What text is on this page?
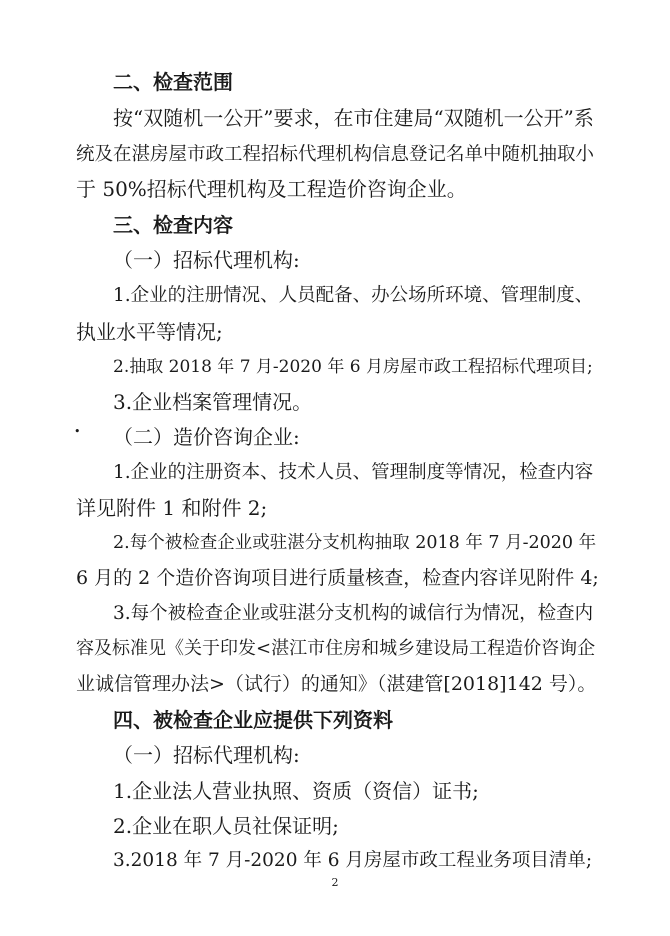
二、检查范围
按“双随机一公开”要求，在市住建局“双随机一公开”系
统及在湛房屋市政工程招标代理机构信息登记名单中随机抽取小
于 50%招标代理机构及工程造价咨询企业。
三、检查内容
（一）招标代理机构:
1.企业的注册情况、人员配备、办公场所环境、管理制度、
执业水平等情况;
2.抽取 2018 年 7 月-2020 年 6 月房屋市政工程招标代理项目;
3.企业档案管理情况。
• （二）造价咨询企业:
1.企业的注册资本、技术人员、管理制度等情况，检查内容
详见附件 1 和附件 2;
2.每个被检查企业或驻湛分支机构抽取 2018 年 7 月-2020 年
6 月的 2 个造价咨询项目进行质量核查，检查内容详见附件 4;
3.每个被检查企业或驻湛分支机构的诚信行为情况，检查内
容及标准见《关于印发<湛江市住房和城乡建设局工程造价咨询企
业诚信管理办法>（试行）的通知》（湛建管[2018]142 号）。
四、被检查企业应提供下列资料
（一）招标代理机构:
1.企业法人营业执照、资质（资信）证书;
2.企业在职人员社保证明;
3.2018 年 7 月-2020 年 6 月房屋市政工程业务项目清单;
2
